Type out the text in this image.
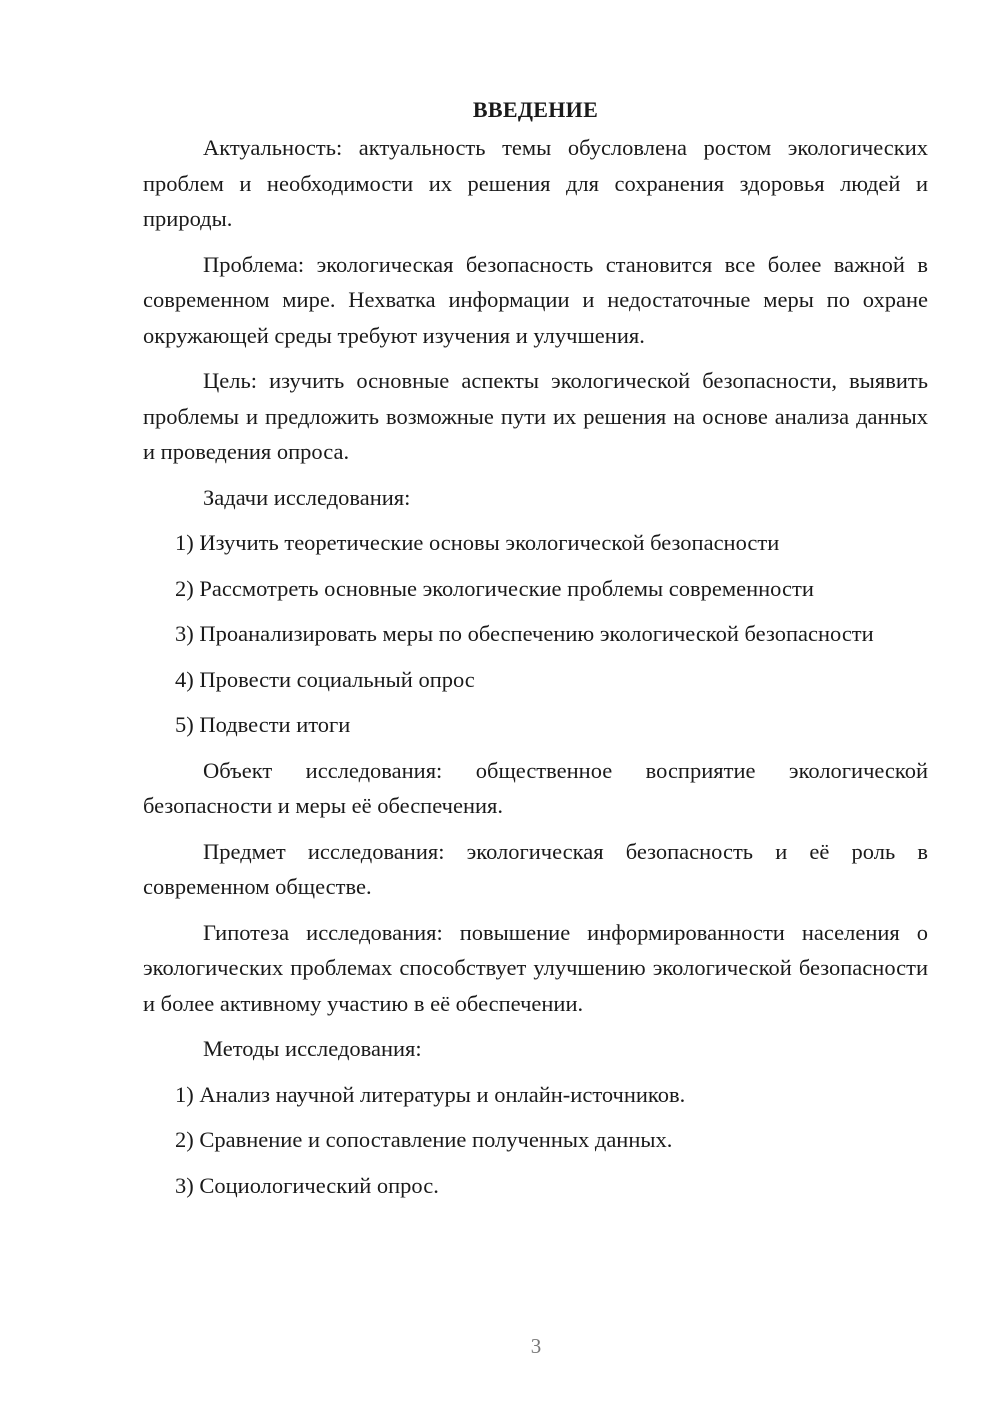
ВВЕДЕНИЕ

Актуальность: актуальность темы обусловлена ростом экологических проблем и необходимости их решения для сохранения здоровья людей и природы.

Проблема: экологическая безопасность становится все более важной в современном мире. Нехватка информации и недостаточные меры по охране окружающей среды требуют изучения и улучшения.

Цель: изучить основные аспекты экологической безопасности, выявить проблемы и предложить возможные пути их решения на основе анализа данных и проведения опроса.

Задачи исследования:

1) Изучить теоретические основы экологической безопасности

2) Рассмотреть основные экологические проблемы современности

3) Проанализировать меры по обеспечению экологической безопасности

4) Провести социальный опрос

5) Подвести итоги

Объект исследования: общественное восприятие экологической безопасности и меры её обеспечения.

Предмет исследования: экологическая безопасность и её роль в современном обществе.

Гипотеза исследования: повышение информированности населения о экологических проблемах способствует улучшению экологической безопасности и более активному участию в её обеспечении.

Методы исследования:

1) Анализ научной литературы и онлайн-источников.

2) Сравнение и сопоставление полученных данных.

3) Социологический опрос.

3
